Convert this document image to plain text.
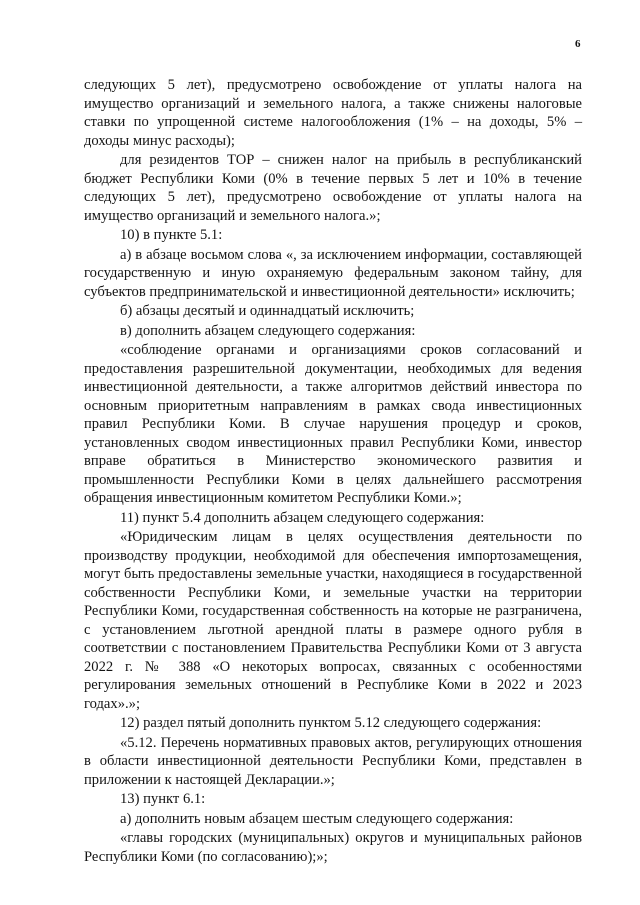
6

следующих 5 лет), предусмотрено освобождение от уплаты налога на имущество организаций и земельного налога, а также снижены налоговые ставки по упрощенной системе налогообложения (1% – на доходы, 5% – доходы минус расходы);

для резидентов ТОР – снижен налог на прибыль в республиканский бюджет Республики Коми (0% в течение первых 5 лет и 10% в течение следующих 5 лет), предусмотрено освобождение от уплаты налога на имущество организаций и земельного налога.»;

10) в пункте 5.1:

а) в абзаце восьмом слова «, за исключением информации, составляющей государственную и иную охраняемую федеральным законом тайну, для субъектов предпринимательской и инвестиционной деятельности» исключить;

б) абзацы десятый и одиннадцатый исключить;

в) дополнить абзацем следующего содержания:

«соблюдение органами и организациями сроков согласований и предоставления разрешительной документации, необходимых для ведения инвестиционной деятельности, а также алгоритмов действий инвестора по основным приоритетным направлениям в рамках свода инвестиционных правил Республики Коми. В случае нарушения процедур и сроков, установленных сводом инвестиционных правил Республики Коми, инвестор вправе обратиться в Министерство экономического развития и промышленности Республики Коми в целях дальнейшего рассмотрения обращения инвестиционным комитетом Республики Коми.»;

11) пункт 5.4 дополнить абзацем следующего содержания:

«Юридическим лицам в целях осуществления деятельности по производству продукции, необходимой для обеспечения импортозамещения, могут быть предоставлены земельные участки, находящиеся в государственной собственности Республики Коми, и земельные участки на территории Республики Коми, государственная собственность на которые не разграничена, с установлением льготной арендной платы в размере одного рубля в соответствии с постановлением Правительства Республики Коми от 3 августа 2022 г. № 388 «О некоторых вопросах, связанных с особенностями регулирования земельных отношений в Республике Коми в 2022 и 2023 годах».»;

12) раздел пятый дополнить пунктом 5.12 следующего содержания:

«5.12. Перечень нормативных правовых актов, регулирующих отношения в области инвестиционной деятельности Республики Коми, представлен в приложении к настоящей Декларации.»;

13) пункт 6.1:

а) дополнить новым абзацем шестым следующего содержания:

«главы городских (муниципальных) округов и муниципальных районов Республики Коми (по согласованию);»;
